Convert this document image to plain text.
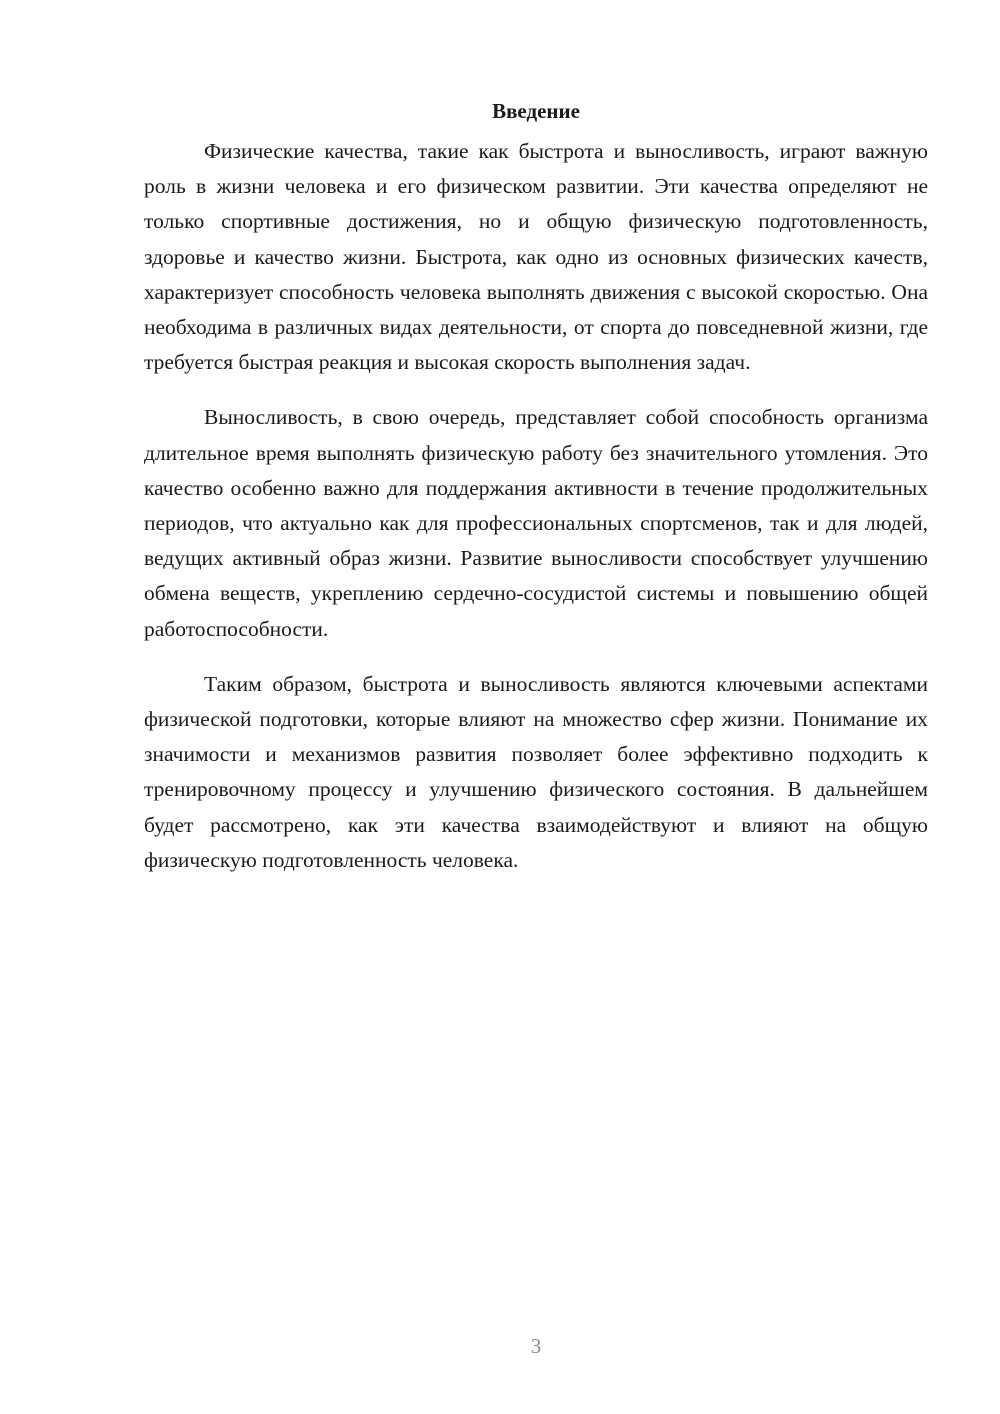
Введение

Физические качества, такие как быстрота и выносливость, играют важную роль в жизни человека и его физическом развитии. Эти качества определяют не только спортивные достижения, но и общую физическую подготовленность, здоровье и качество жизни. Быстрота, как одно из основных физических качеств, характеризует способность человека выполнять движения с высокой скоростью. Она необходима в различных видах деятельности, от спорта до повседневной жизни, где требуется быстрая реакция и высокая скорость выполнения задач.

Выносливость, в свою очередь, представляет собой способность организма длительное время выполнять физическую работу без значительного утомления. Это качество особенно важно для поддержания активности в течение продолжительных периодов, что актуально как для профессиональных спортсменов, так и для людей, ведущих активный образ жизни. Развитие выносливости способствует улучшению обмена веществ, укреплению сердечно-сосудистой системы и повышению общей работоспособности.

Таким образом, быстрота и выносливость являются ключевыми аспектами физической подготовки, которые влияют на множество сфер жизни. Понимание их значимости и механизмов развития позволяет более эффективно подходить к тренировочному процессу и улучшению физического состояния. В дальнейшем будет рассмотрено, как эти качества взаимодействуют и влияют на общую физическую подготовленность человека.

3
